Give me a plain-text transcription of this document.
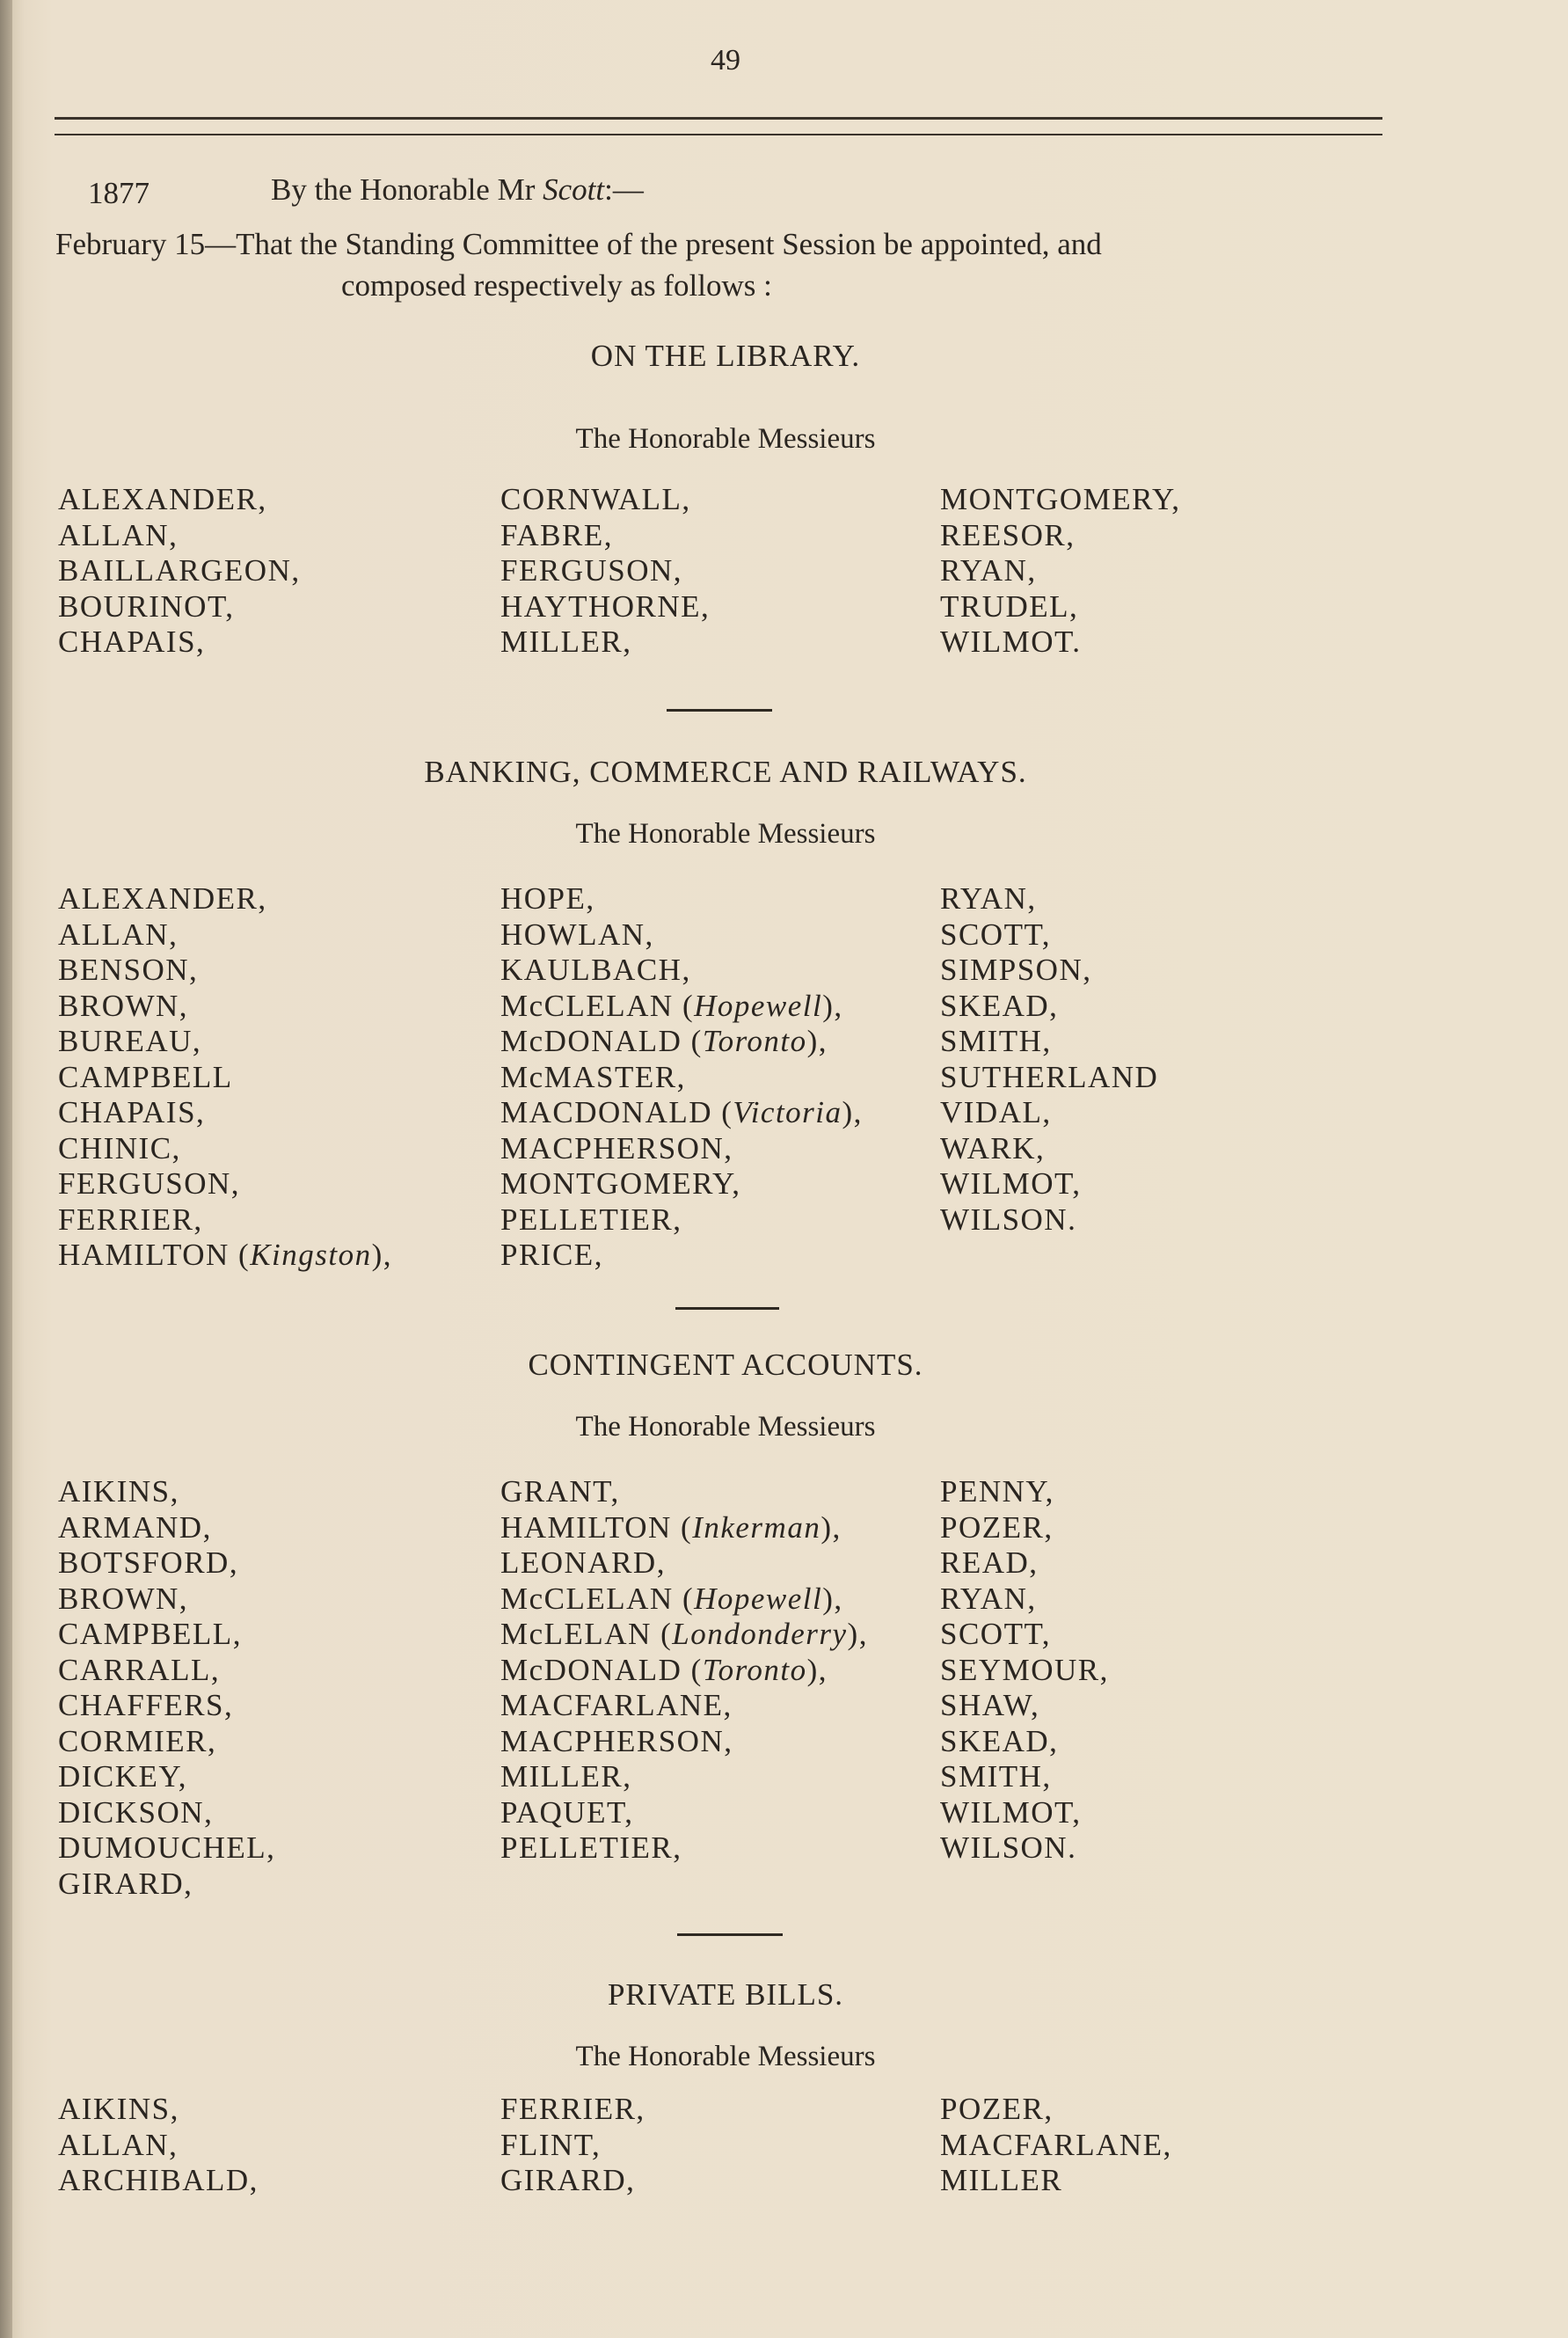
49
1877	By the Honorable Mr Scott:—
February 15—That the Standing Committee of the present Session be appointed, and
composed respectively as follows :
ON THE LIBRARY.
The Honorable Messieurs
ALEXANDER,
ALLAN,
BAILLARGEON,
BOURINOT,
CHAPAIS,
CORNWALL,
FABRE,
FERGUSON,
HAYTHORNE,
MILLER,
MONTGOMERY,
REESOR,
RYAN,
TRUDEL,
WILMOT.
BANKING, COMMERCE AND RAILWAYS.
The Honorable Messieurs
ALEXANDER,
ALLAN,
BENSON,
BROWN,
BUREAU,
CAMPBELL
CHAPAIS,
CHINIC,
FERGUSON,
FERRIER,
HAMILTON (Kingston),
HOPE,
HOWLAN,
KAULBACH,
McCLELAN (Hopewell),
McDONALD (Toronto),
McMASTER,
MACDONALD (Victoria),
MACPHERSON,
MONTGOMERY,
PELLETIER,
PRICE,
RYAN,
SCOTT,
SIMPSON,
SKEAD,
SMITH,
SUTHERLAND
VIDAL,
WARK,
WILMOT,
WILSON.
CONTINGENT ACCOUNTS.
The Honorable Messieurs
AIKINS,
ARMAND,
BOTSFORD,
BROWN,
CAMPBELL,
CARRALL,
CHAFFERS,
CORMIER,
DICKEY,
DICKSON,
DUMOUCHEL,
GIRARD,
GRANT,
HAMILTON (Inkerman),
LEONARD,
McCLELAN (Hopewell),
McLELAN (Londonderry),
McDONALD (Toronto),
MACFARLANE,
MACPHERSON,
MILLER,
PAQUET,
PELLETIER,
PENNY,
POZER,
READ,
RYAN,
SCOTT,
SEYMOUR,
SHAW,
SKEAD,
SMITH,
WILMOT,
WILSON.
PRIVATE BILLS.
The Honorable Messieurs
AIKINS,
ALLAN,
ARCHIBALD,
FERRIER,
FLINT,
GIRARD,
POZER,
MACFARLANE,
MILLER
